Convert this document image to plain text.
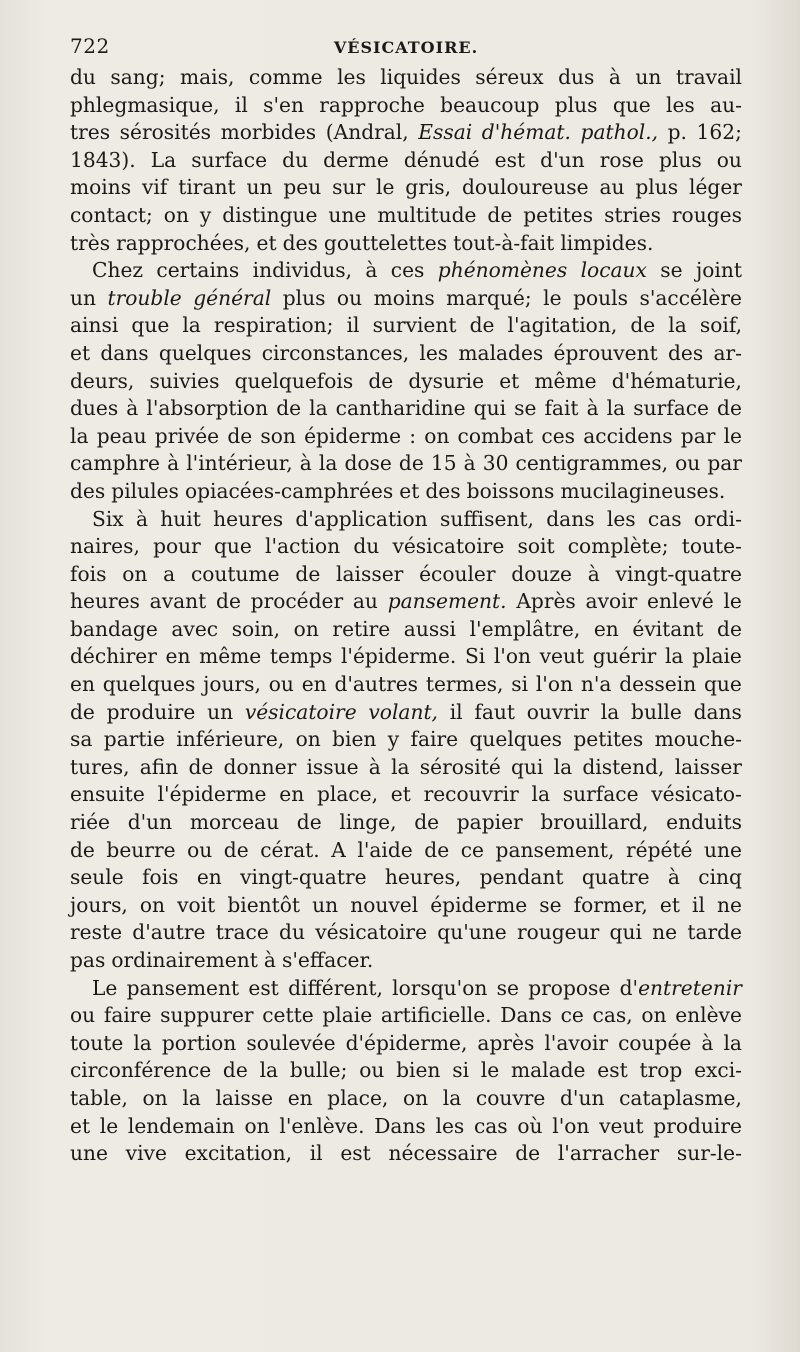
722	VÉSICATOIRE.
du sang; mais, comme les liquides séreux dus à un travail
phlegmasique, il s'en rapproche beaucoup plus que les au-
tres sérosités morbides (Andral, Essai d'hémat. pathol., p. 162;
1843). La surface du derme dénudé est d'un rose plus ou
moins vif tirant un peu sur le gris, douloureuse au plus léger
contact; on y distingue une multitude de petites stries rouges
très rapprochées, et des gouttelettes tout-à-fait limpides.
Chez certains individus, à ces phénomènes locaux se joint
un trouble général plus ou moins marqué; le pouls s'accélère
ainsi que la respiration; il survient de l'agitation, de la soif,
et dans quelques circonstances, les malades éprouvent des ar-
deurs, suivies quelquefois de dysurie et même d'hématurie,
dues à l'absorption de la cantharidine qui se fait à la surface de
la peau privée de son épiderme : on combat ces accidens par le
camphre à l'intérieur, à la dose de 15 à 30 centigrammes, ou par
des pilules opiacées-camphrées et des boissons mucilagineuses.
Six à huit heures d'application suffisent, dans les cas ordi-
naires, pour que l'action du vésicatoire soit complète; toute-
fois on a coutume de laisser écouler douze à vingt-quatre
heures avant de procéder au pansement. Après avoir enlevé le
bandage avec soin, on retire aussi l'emplâtre, en évitant de
déchirer en même temps l'épiderme. Si l'on veut guérir la plaie
en quelques jours, ou en d'autres termes, si l'on n'a dessein que
de produire un vésicatoire volant, il faut ouvrir la bulle dans
sa partie inférieure, on bien y faire quelques petites mouche-
tures, afin de donner issue à la sérosité qui la distend, laisser
ensuite l'épiderme en place, et recouvrir la surface vésicato-
riée d'un morceau de linge, de papier brouillard, enduits
de beurre ou de cérat. A l'aide de ce pansement, répété une
seule fois en vingt-quatre heures, pendant quatre à cinq
jours, on voit bientôt un nouvel épiderme se former, et il ne
reste d'autre trace du vésicatoire qu'une rougeur qui ne tarde
pas ordinairement à s'effacer.
Le pansement est différent, lorsqu'on se propose d'entretenir
ou faire suppurer cette plaie artificielle. Dans ce cas, on enlève
toute la portion soulevée d'épiderme, après l'avoir coupée à la
circonférence de la bulle; ou bien si le malade est trop exci-
table, on la laisse en place, on la couvre d'un cataplasme,
et le lendemain on l'enlève. Dans les cas où l'on veut produire
une vive excitation, il est nécessaire de l'arracher sur-le-
